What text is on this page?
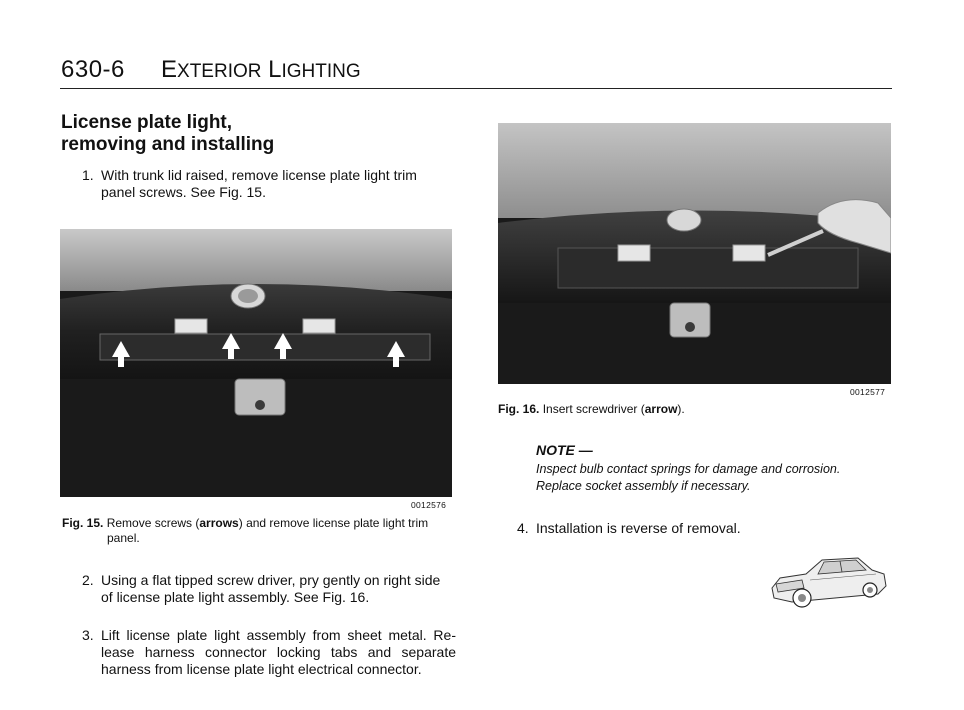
630-6 EXTERIOR LIGHTING
License plate light,
removing and installing
1. With trunk lid raised, remove license plate light trim
panel screws. See Fig. 15.
0012576
Fig. 15. Remove screws (arrows) and remove license plate light trim
panel.
2. Using a flat tipped screw driver, pry gently on right side
of license plate light assembly. See Fig. 16.
3. Lift license plate light assembly from sheet metal. Re-
lease harness connector locking tabs and separate
harness from license plate light electrical connector.
0012577
Fig. 16. Insert screwdriver (arrow).
NOTE —
Inspect bulb contact springs for damage and corrosion.
Replace socket assembly if necessary.
4. Installation is reverse of removal.
